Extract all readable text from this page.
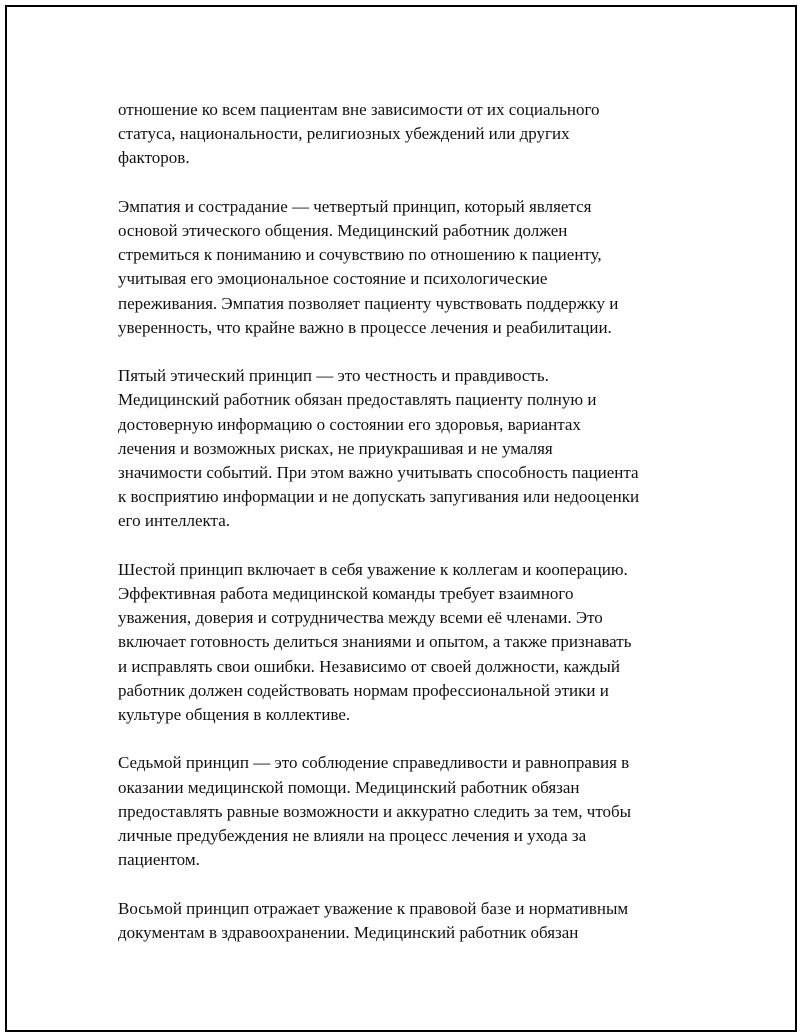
отношение ко всем пациентам вне зависимости от их социального
статуса, национальности, религиозных убеждений или других
факторов.
Эмпатия и сострадание — четвертый принцип, который является
основой этического общения. Медицинский работник должен
стремиться к пониманию и сочувствию по отношению к пациенту,
учитывая его эмоциональное состояние и психологические
переживания. Эмпатия позволяет пациенту чувствовать поддержку и
уверенность, что крайне важно в процессе лечения и реабилитации.
Пятый этический принцип — это честность и правдивость.
Медицинский работник обязан предоставлять пациенту полную и
достоверную информацию о состоянии его здоровья, вариантах
лечения и возможных рисках, не приукрашивая и не умаляя
значимости событий. При этом важно учитывать способность пациента
к восприятию информации и не допускать запугивания или недооценки
его интеллекта.
Шестой принцип включает в себя уважение к коллегам и кооперацию.
Эффективная работа медицинской команды требует взаимного
уважения, доверия и сотрудничества между всеми её членами. Это
включает готовность делиться знаниями и опытом, а также признавать
и исправлять свои ошибки. Независимо от своей должности, каждый
работник должен содействовать нормам профессиональной этики и
культуре общения в коллективе.
Седьмой принцип — это соблюдение справедливости и равноправия в
оказании медицинской помощи. Медицинский работник обязан
предоставлять равные возможности и аккуратно следить за тем, чтобы
личные предубеждения не влияли на процесс лечения и ухода за
пациентом.
Восьмой принцип отражает уважение к правовой базе и нормативным
документам в здравоохранении. Медицинский работник обязан
